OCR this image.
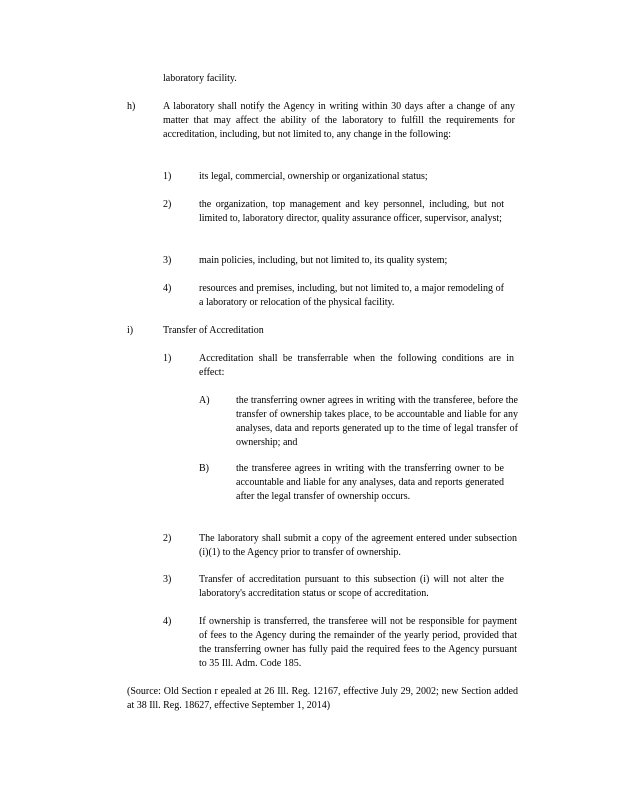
laboratory facility.
h)	A laboratory shall notify the Agency in writing within 30 days after a change of any matter that may affect the ability of the laboratory to fulfill the requirements for accreditation, including, but not limited to, any change in the following:
1)	its legal, commercial, ownership or organizational status;
2)	the organization, top management and key personnel, including, but not limited to, laboratory director, quality assurance officer, supervisor, analyst;
3)	main policies, including, but not limited to, its quality system;
4)	resources and premises, including, but not limited to, a major remodeling of a laboratory or relocation of the physical facility.
i)	Transfer of Accreditation
1)	Accreditation shall be transferrable when the following conditions are in effect:
A)	the transferring owner agrees in writing with the transferee, before the transfer of ownership takes place, to be accountable and liable for any analyses, data and reports generated up to the time of legal transfer of ownership; and
B)	the transferee agrees in writing with the transferring owner to be accountable and liable for any analyses, data and reports generated after the legal transfer of ownership occurs.
2)	The laboratory shall submit a copy of the agreement entered under subsection (i)(1) to the Agency prior to transfer of ownership.
3)	Transfer of accreditation pursuant to this subsection (i) will not alter the laboratory's accreditation status or scope of accreditation.
4)	If ownership is transferred, the transferee will not be responsible for payment of fees to the Agency during the remainder of the yearly period, provided that the transferring owner has fully paid the required fees to the Agency pursuant to 35 Ill. Adm. Code 185.
(Source: Old Section r epealed at 26 Ill. Reg. 12167, effective July 29, 2002; new Section added at 38 Ill. Reg. 18627, effective September 1, 2014)
